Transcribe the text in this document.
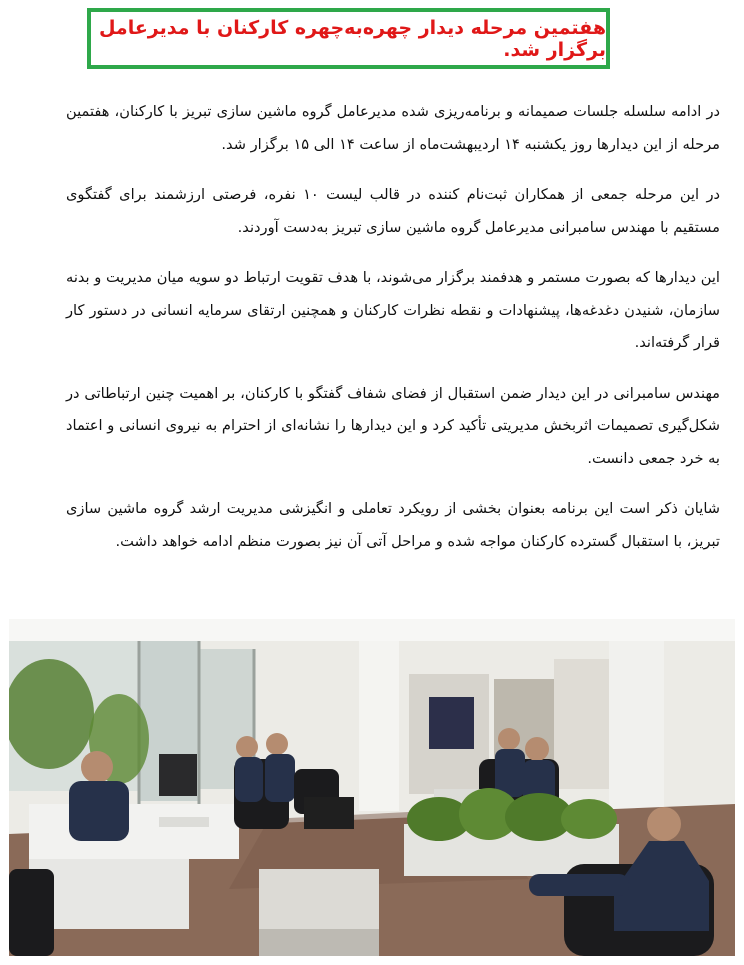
هفتمین مرحله دیدار چهره‌به‌چهره کارکنان با مدیرعامل برگزار شد.

در ادامه سلسله جلسات صمیمانه و برنامه‌ریزی شده مدیرعامل گروه ماشین سازی تبریز با کارکنان، هفتمین مرحله از این دیدارها روز یکشنبه ۱۴ اردیبهشت‌ماه از ساعت ۱۴ الی ۱۵ برگزار شد.

در این مرحله جمعی از همکاران ثبت‌نام کننده در قالب لیست ۱۰ نفره، فرصتی ارزشمند برای گفتگوی مستقیم با مهندس سامبرانی مدیرعامل گروه ماشین سازی تبریز به‌دست آوردند.

این دیدارها که بصورت مستمر و هدفمند برگزار می‌شوند، با هدف تقویت ارتباط دو سویه میان مدیریت و بدنه سازمان، شنیدن دغدغه‌ها، پیشنهادات و نقطه نظرات کارکنان و همچنین ارتقای سرمایه انسانی در دستور کار قرار گرفته‌اند.

مهندس سامبرانی در این دیدار ضمن استقبال از فضای شفاف گفتگو با کارکنان، بر اهمیت چنین ارتباطاتی در شکل‌گیری تصمیمات اثربخش مدیریتی تأکید کرد و این دیدارها را نشانه‌ای از احترام به نیروی انسانی و اعتماد به خرد جمعی دانست.

شایان ذکر است این برنامه بعنوان بخشی از رویکرد تعاملی و انگیزشی مدیریت ارشد گروه ماشین سازی تبریز، با استقبال گسترده کارکنان مواجه شده و مراحل آتی آن نیز بصورت منظم ادامه خواهد داشت.
